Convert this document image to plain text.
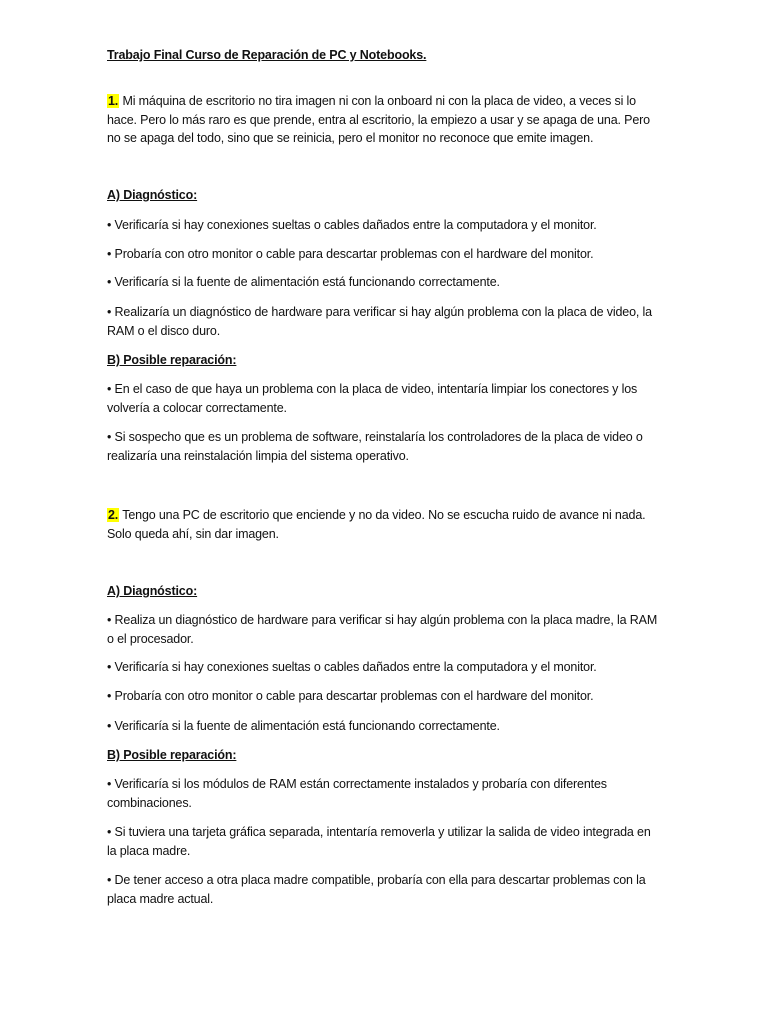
Trabajo Final Curso de Reparación de PC y Notebooks.
1. Mi máquina de escritorio no tira imagen ni con la onboard ni con la placa de video, a veces si lo hace. Pero lo más raro es que prende, entra al escritorio, la empiezo a usar y se apaga de una. Pero no se apaga del todo, sino que se reinicia, pero el monitor no reconoce que emite imagen.
A) Diagnóstico:
• Verificaría si hay conexiones sueltas o cables dañados entre la computadora y el monitor.
• Probaría con otro monitor o cable para descartar problemas con el hardware del monitor.
• Verificaría si la fuente de alimentación está funcionando correctamente.
• Realizaría un diagnóstico de hardware para verificar si hay algún problema con la placa de video, la RAM o el disco duro.
B) Posible reparación:
• En el caso de que haya un problema con la placa de video, intentaría limpiar los conectores y los volvería a colocar correctamente.
• Si sospecho que es un problema de software, reinstalaría los controladores de la placa de video o realizaría una reinstalación limpia del sistema operativo.
2. Tengo una PC de escritorio que enciende y no da video. No se escucha ruido de avance ni nada. Solo queda ahí, sin dar imagen.
A) Diagnóstico:
• Realiza un diagnóstico de hardware para verificar si hay algún problema con la placa madre, la RAM o el procesador.
• Verificaría si hay conexiones sueltas o cables dañados entre la computadora y el monitor.
• Probaría con otro monitor o cable para descartar problemas con el hardware del monitor.
• Verificaría si la fuente de alimentación está funcionando correctamente.
B) Posible reparación:
• Verificaría si los módulos de RAM están correctamente instalados y probaría con diferentes combinaciones.
• Si tuviera una tarjeta gráfica separada, intentaría removerla y utilizar la salida de video integrada en la placa madre.
• De tener acceso a otra placa madre compatible, probaría con ella para descartar problemas con la placa madre actual.
